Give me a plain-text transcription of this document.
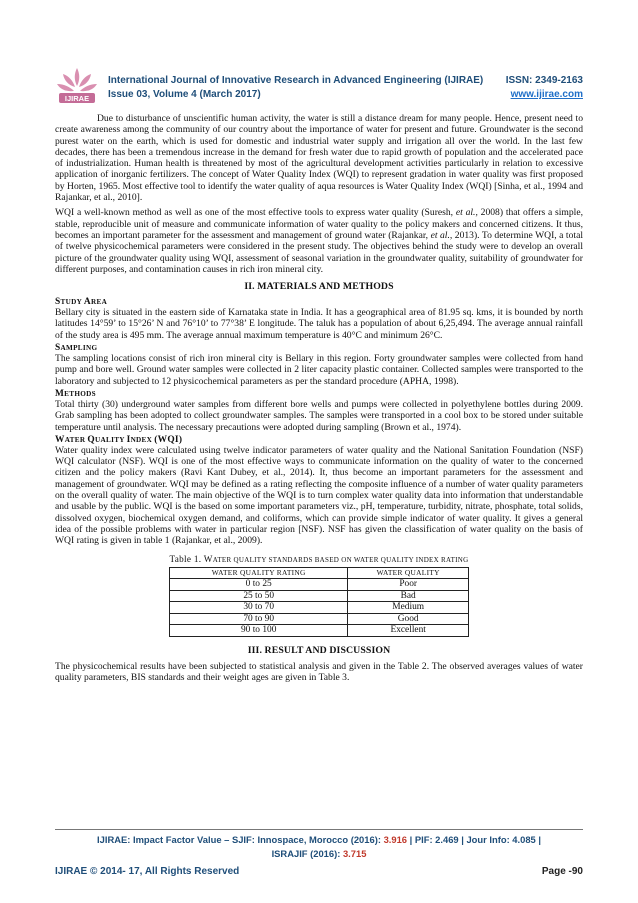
IJIRAE
International Journal of Innovative Research in Advanced Engineering (IJIRAE)
Issue 03, Volume 4 (March 2017)
ISSN: 2349-2163
www.ijirae.com

Due to disturbance of unscientific human activity, the water is still a distance dream for many people. Hence, present need to create awareness among the community of our country about the importance of water for present and future. Groundwater is the second purest water on the earth, which is used for domestic and industrial water supply and irrigation all over the world. In the last few decades, there has been a tremendous increase in the demand for fresh water due to rapid growth of population and the accelerated pace of industrialization. Human health is threatened by most of the agricultural development activities particularly in relation to excessive application of inorganic fertilizers. The concept of Water Quality Index (WQI) to represent gradation in water quality was first proposed by Horten, 1965. Most effective tool to identify the water quality of aqua resources is Water Quality Index (WQI) [Sinha, et al., 1994 and Rajankar, et al., 2010].

WQI a well-known method as well as one of the most effective tools to express water quality (Suresh, et al., 2008) that offers a simple, stable, reproducible unit of measure and communicate information of water quality to the policy makers and concerned citizens. It thus, becomes an important parameter for the assessment and management of ground water (Rajankar, et al., 2013). To determine WQI, a total of twelve physicochemical parameters were considered in the present study. The objectives behind the study were to develop an overall picture of the groundwater quality using WQI, assessment of seasonal variation in the groundwater quality, suitability of groundwater for different purposes, and contamination causes in rich iron mineral city.

II. MATERIALS AND METHODS
STUDY AREA

Bellary city is situated in the eastern side of Karnataka state in India. It has a geographical area of 81.95 sq. kms, it is bounded by north latitudes 14°59’ to 15°26’ N and 76°10’ to 77°38’ E longitude. The taluk has a population of about 6,25,494. The average annual rainfall of the study area is 495 mm. The average annual maximum temperature is 40°C and minimum 26°C.

SAMPLING

The sampling locations consist of rich iron mineral city is Bellary in this region. Forty groundwater samples were collected from hand pump and bore well. Ground water samples were collected in 2 liter capacity plastic container. Collected samples were transported to the laboratory and subjected to 12 physicochemical parameters as per the standard procedure (APHA, 1998).

METHODS

Total thirty (30) underground water samples from different bore wells and pumps were collected in polyethylene bottles during 2009. Grab sampling has been adopted to collect groundwater samples. The samples were transported in a cool box to be stored under suitable temperature until analysis. The necessary precautions were adopted during sampling (Brown et al., 1974).

WATER QUALITY INDEX (WQI)

Water quality index were calculated using twelve indicator parameters of water quality and the National Sanitation Foundation (NSF) WQI calculator (NSF). WQI is one of the most effective ways to communicate information on the quality of water to the concerned citizen and the policy makers (Ravi Kant Dubey, et al., 2014). It, thus become an important parameters for the assessment and management of groundwater. WQI may be defined as a rating reflecting the composite influence of a number of water quality parameters on the overall quality of water. The main objective of the WQI is to turn complex water quality data into information that understandable and usable by the public. WQI is the based on some important parameters viz., pH, temperature, turbidity, nitrate, phosphate, total solids, dissolved oxygen, biochemical oxygen demand, and coliforms, which can provide simple indicator of water quality. It gives a general idea of the possible problems with water in particular region [NSF). NSF has given the classification of water quality on the basis of WQI rating is given in table 1 (Rajankar, et al., 2009).

Table 1. WATER QUALITY STANDARDS BASED ON WATER QUALITY INDEX RATING
WATER QUALITY RATING	WATER QUALITY
0 to 25	Poor
25 to 50	Bad
30 to 70	Medium
70 to 90	Good
90 to 100	Excellent
III. RESULT AND DISCUSSION

The physicochemical results have been subjected to statistical analysis and given in the Table 2. The observed averages values of water quality parameters, BIS standards and their weight ages are given in Table 3.

IJIRAE: Impact Factor Value – SJIF: Innospace, Morocco (2016): 3.916 | PIF: 2.469 | Jour Info: 4.085 |
ISRAJIF (2016): 3.715
IJIRAE © 2014- 17, All Rights Reserved	Page -90
